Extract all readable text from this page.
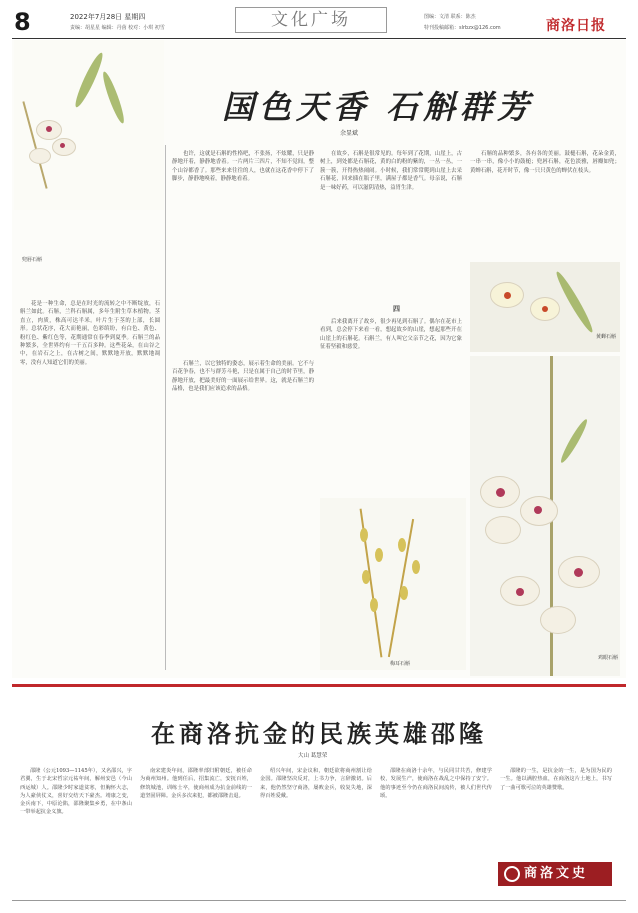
8	2022年7月28日 星期四
责编：胡星星 编辑：丹茵 校对：小琪 初雪	文化广场	图编：文清 联系：陈杰
特刊投稿邮箱：slrbzx@126.com	商洛日报
兜唇石斛
国色天香 石斛群芳
余显斌
花是一种生命，总是在时光的流转之中不断绽放，石斛兰如此。石斛，兰科石斛属，多年生附生草本植物。茎直立，肉质，株高可达半米。叶片生于茎的上部，长圆形。总状花序，花大而艳丽，色彩缤纷，有白色、黄色、粉红色、紫红色等，花期通常在春季到夏季。石斛兰的品种繁多，全世界约有一千五百多种。这些花朵，在山谷之中，在岩石之上，在古树之间，默默地开放，默默地凋零，没有人知道它们的美丽。
也许，这就是石斛的性格吧，不张扬，不炫耀，只是静静地开着，静静地香着。一片两片三四片，不知不觉间，整个山谷都香了。那些来来往往的人，也就在这花香中停下了脚步，静静地嗅着，静静地看着。
在故乡，石斛是很常见的。每年到了花期，山崖上，古树上，到处都是石斛花，黄的白的粉的紫的，一丛一丛，一簇一簇，开得热热闹闹。小时候，我们常常爬到山崖上去采石斛花，回来插在瓶子里，满屋子都是香气。母亲说，石斛是一味好药，可以滋阴清热，益胃生津。
四
后来我离开了故乡，很少再见到石斛了。偶尔在花市上看到，总会停下来看一看，想起故乡的山崖，想起那些开在山崖上的石斛花。石斛兰，有人叫它父亲节之花，因为它象征着坚毅和慈爱。
石斛的品种繁多，各有各的美丽。鼓槌石斛，花朵金黄，一串一串，像小小的鼓槌；兜唇石斛，花色淡雅，唇瓣如兜；黄蝉石斛，花开时节，像一只只黄色的蝉伏在枝头。
石斛兰，以它独特的姿态，展示着生命的美丽。它不与百花争春，也不与群芳斗艳，只是在属于自己的时节里，静静地开放，把最美好的一面展示给世界。这，就是石斛兰的品格，也是我们应该追求的品格。
黄蝉石斛
鸡眼石斛
梅耳石斛
在商洛抗金的民族英雄邵隆
大山 葛慧荣
邵隆（公元1093—1145年），又名邵兴，字君翼，生于北宋哲宗元祐年间，解州安邑（今山西运城）人。邵隆少时家道贫寒，但胸怀大志，为人豪侠仗义，喜好交结天下豪杰。靖康之变，金兵南下，中原沦陷，邵隆聚集乡勇，在中条山一带举起抗金义旗。
南宋建炎年间，邵隆率部归附朝廷，被任命为商州知州。他到任后，招集流亡，安抚百姓，修筑城池，训练士卒，使商州成为抗金前线的一道坚固屏障。金兵多次来犯，都被邵隆击退。
绍兴年间，宋金议和，朝廷欲将商州割让给金国。邵隆坚决反对，上书力争，言辞激切。后来，他仍然坚守商洛，屡败金兵，收复失地，深得百姓爱戴。
邵隆在商洛十余年，与民同甘共苦，修建学校，发展生产，使商洛在战乱之中保持了安宁。他的事迹至今仍在商洛民间流传，被人们世代传颂。
邵隆的一生，是抗金的一生，是为国为民的一生。他以满腔热血，在商洛这片土地上，书写了一曲可歌可泣的英雄赞歌。
商洛文史
